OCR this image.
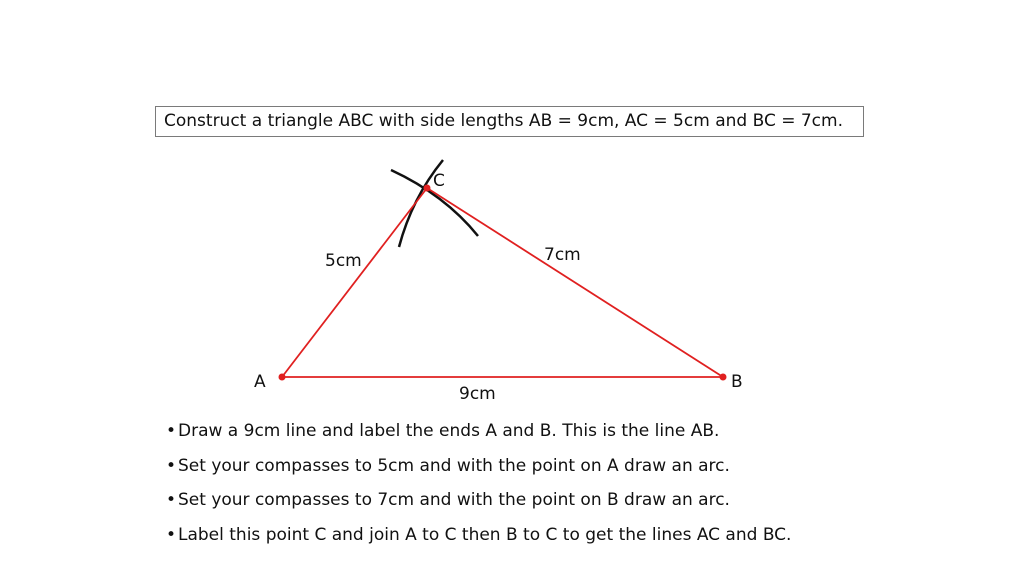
Construct a triangle ABC with side lengths AB = 9cm, AC = 5cm and BC = 7cm.
A	B
C
5cm	7cm
9cm
• Draw a 9cm line and label the ends A and B. This is the line AB.
• Set your compasses to 5cm and with the point on A draw an arc.
• Set your compasses to 7cm and with the point on B draw an arc.
• Label this point C and join A to C then B to C to get the lines AC and BC.
